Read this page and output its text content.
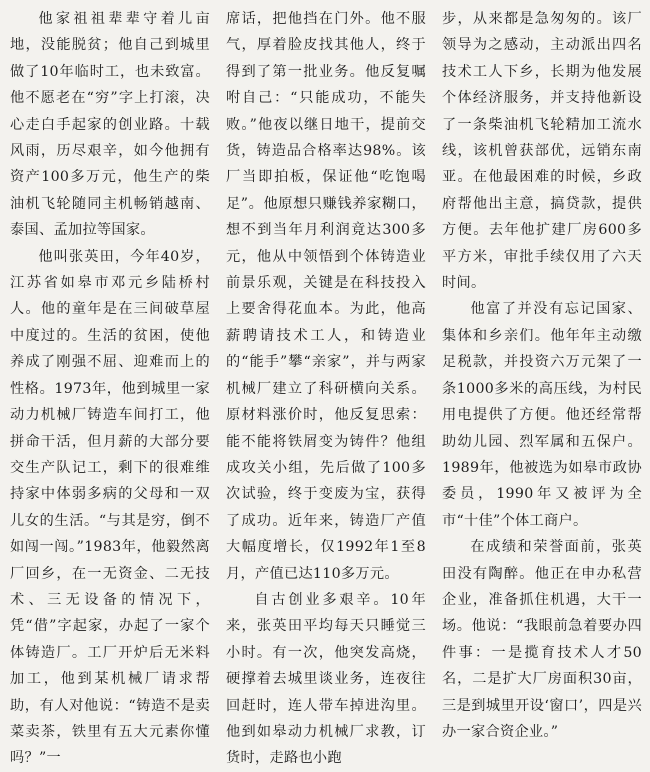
他家祖祖辈辈守着儿亩地，没能脱贫；他自己到城里做了10年临时工，也未致富。他不愿老在“穷”字上打滚，决心走白手起家的创业路。十载风雨，历尽艰辛，如今他拥有资产100多万元，他生产的柴油机飞轮随同主机畅销越南、泰国、孟加拉等国家。

他叫张英田，今年40岁，江苏省如皋市邓元乡陆桥村人。他的童年是在三间破草屋中度过的。生活的贫困，使他养成了刚强不屈、迎难而上的性格。1973年，他到城里一家动力机械厂铸造车间打工，他拼命干活，但月薪的大部分要交生产队记工，剩下的很难维持家中体弱多病的父母和一双儿女的生活。“与其是穷，倒不如闯一闯。”1983年，他毅然离厂回乡，在一无资金、二无技术、三无设备的情况下，凭“借”字起家，办起了一家个体铸造厂。工厂开炉后无米料加工，他到某机械厂请求帮助，有人对他说：“铸造不是卖菜卖茶，铁里有五大元素你懂吗？”一

席话，把他挡在门外。他不服气，厚着脸皮找其他人，终于得到了第一批业务。他反复嘱咐自己：“只能成功，不能失败。”他夜以继日地干，提前交货，铸造品合格率达98%。该厂当即拍板，保证他“吃饱喝足”。他原想只赚钱养家糊口，想不到当年月利润竟达300多元，他从中领悟到个体铸造业前景乐观，关键是在科技投入上要舍得花血本。为此，他高薪聘请技术工人，和铸造业的“能手”攀“亲家”，并与两家机械厂建立了科研横向关系。原材料涨价时，他反复思索：能不能将铁屑变为铸件？他组成攻关小组，先后做了100多次试验，终于变废为宝，获得了成功。近年来，铸造厂产值大幅度增长，仅1992年1至8月，产值已达110多万元。

自古创业多艰辛。10年来，张英田平均每天只睡觉三小时。有一次，他突发高烧，硬撑着去城里谈业务，连夜往回赶时，连人带车掉进沟里。他到如皋动力机械厂求教，订货时，走路也小跑

步，从来都是急匆匆的。该厂领导为之感动，主动派出四名技术工人下乡，长期为他发展个体经济服务，并支持他新设了一条柴油机飞轮精加工流水线，该机曾获部优，远销东南亚。在他最困难的时候，乡政府帮他出主意，搞贷款，提供方便。去年他扩建厂房600多平方米，审批手续仅用了六天时间。

他富了并没有忘记国家、集体和乡亲们。他年年主动缴足税款，并投资六万元架了一条1000多米的高压线，为村民用电提供了方便。他还经常帮助幼儿园、烈军属和五保户。1989年，他被选为如皋市政协委员，1990年又被评为全市“十佳”个体工商户。

在成绩和荣誉面前，张英田没有陶醉。他正在申办私营企业，准备抓住机遇，大干一场。他说：“我眼前急着要办四件事：一是揽育技术人才50名，二是扩大厂房面积30亩，三是到城里开设‘窗口’，四是兴办一家合资企业。”
